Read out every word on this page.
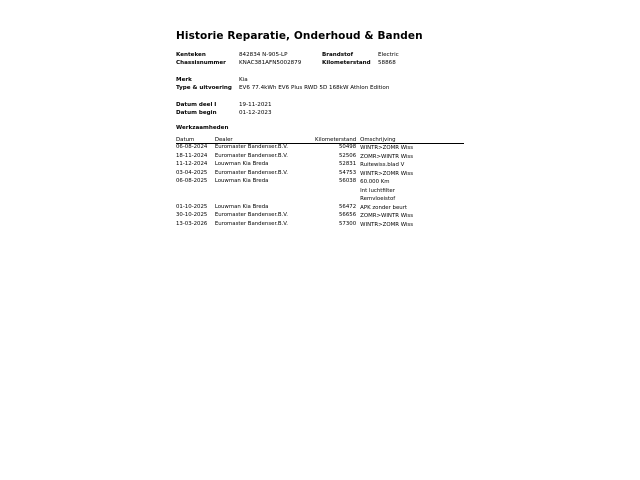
Historie Reparatie, Onderhoud & Banden
Kenteken	842834 N-905-LP	Brandstof	Electric
Chassisnummer KNAC381AFN5002879	Kilometerstand 58868
Merk	Kia
Type & uitvoering EV6 77.4kWh EV6 Plus RWD 5D 168kW Athlon Edition
Datum deel I	19-11-2021
Datum begin	01-12-2023
Werkzaamheden
Datum	Dealer	Kilometerstand	Omschrijving
06-08-2024	Euromaster Bandenser.B.V.	50498	WINTR>ZOMR Wiss

18-11-2024	Euromaster Bandenser.B.V.	52506	ZOMR>WINTR Wiss

11-12-2024	Louwman Kia Breda	52831	Ruitewiss.blad V

03-04-2025	Euromaster Bandenser.B.V.	54753	WINTR>ZOMR Wiss

06-08-2025	Louwman Kia Breda	56038	60.000 Km
Int luchtfilter
Remvloeistof

01-10-2025	Louwman Kia Breda	56472	APK zonder beurt

30-10-2025	Euromaster Bandenser.B.V.	56656	ZOMR>WINTR Wiss

13-03-2026	Euromaster Bandenser.B.V.	57300	WINTR>ZOMR Wiss
